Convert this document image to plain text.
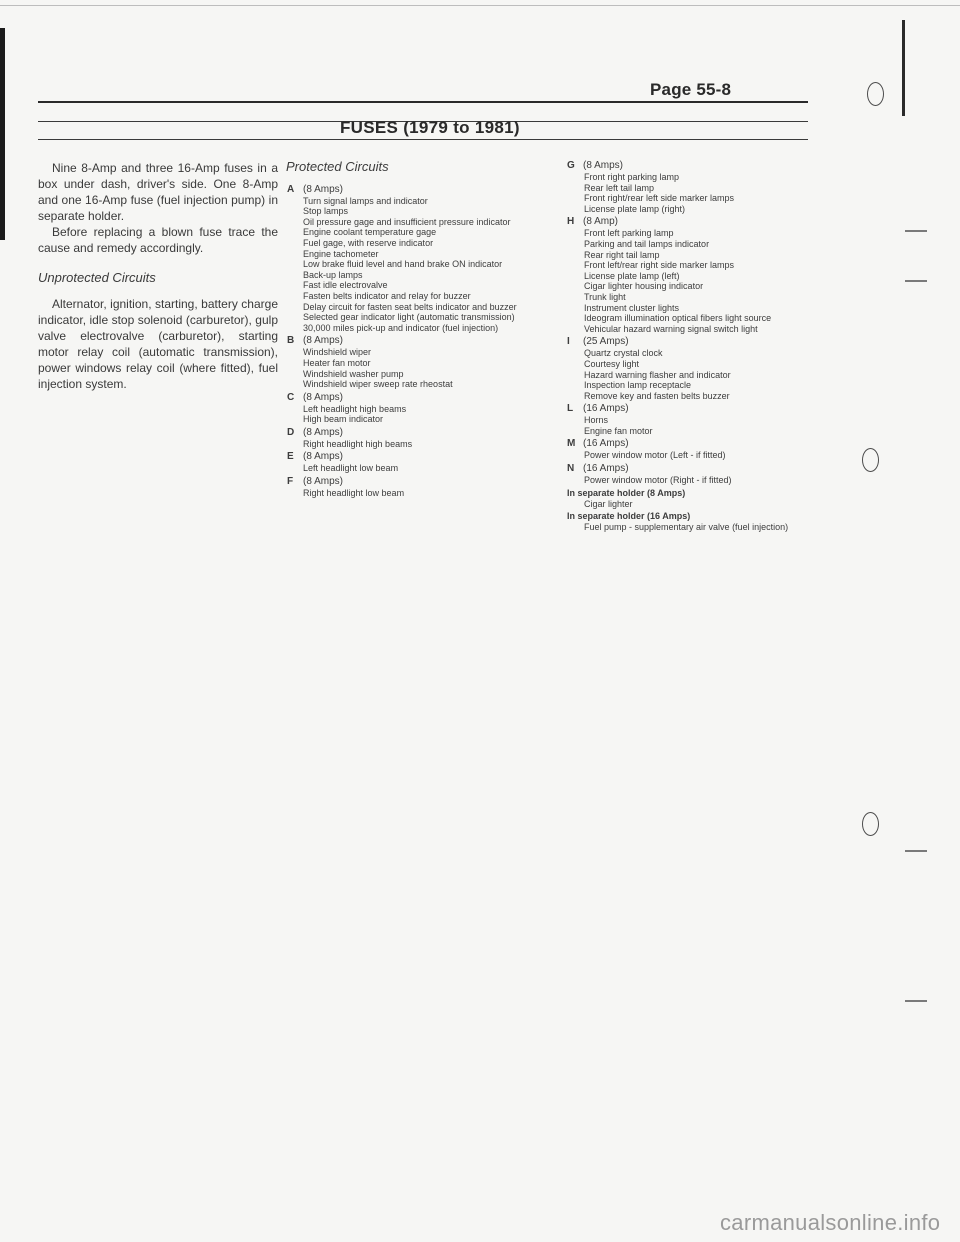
Page 55-8
FUSES (1979 to 1981)

Nine 8-Amp and three 16-Amp fuses in a box under dash, driver's side. One 8-Amp and one 16-Amp fuse (fuel injection pump) in separate holder.

Before replacing a blown fuse trace the cause and remedy accordingly.

Unprotected Circuits

Alternator, ignition, starting, battery charge indicator, idle stop solenoid (carburetor), gulp valve electrovalve (carburetor), starting motor relay coil (automatic transmission), power windows relay coil (where fitted), fuel injection system.

Protected Circuits
A (8 Amps)
Turn signal lamps and indicator
Stop lamps
Oil pressure gage and insufficient pressure indicator
Engine coolant temperature gage
Fuel gage, with reserve indicator
Engine tachometer
Low brake fluid level and hand brake ON indicator
Back-up lamps
Fast idle electrovalve
Fasten belts indicator and relay for buzzer
Delay circuit for fasten seat belts indicator and buzzer
Selected gear indicator light (automatic transmission)
30,000 miles pick-up and indicator (fuel injection)
B (8 Amps)
Windshield wiper
Heater fan motor
Windshield washer pump
Windshield wiper sweep rate rheostat
C (8 Amps)
Left headlight high beams
High beam indicator
D (8 Amps)
Right headlight high beams
E (8 Amps)
Left headlight low beam
F (8 Amps)
Right headlight low beam
G (8 Amps)
Front right parking lamp
Rear left tail lamp
Front right/rear left side marker lamps
License plate lamp (right)
H (8 Amp)
Front left parking lamp
Parking and tail lamps indicator
Rear right tail lamp
Front left/rear right side marker lamps
License plate lamp (left)
Cigar lighter housing indicator
Trunk light
Instrument cluster lights
Ideogram illumination optical fibers light source
Vehicular hazard warning signal switch light
I	(25 Amps)
Quartz crystal clock
Courtesy light
Hazard warning flasher and indicator
Inspection lamp receptacle
Remove key and fasten belts buzzer
L (16 Amps)
Horns
Engine fan motor
M (16 Amps)
Power window motor (Left - if fitted)
N (16 Amps)
Power window motor (Right - if fitted)
In separate holder (8 Amps)
Cigar lighter
In separate holder (16 Amps)
Fuel pump - supplementary air valve (fuel injection)
carmanualsonline.info
